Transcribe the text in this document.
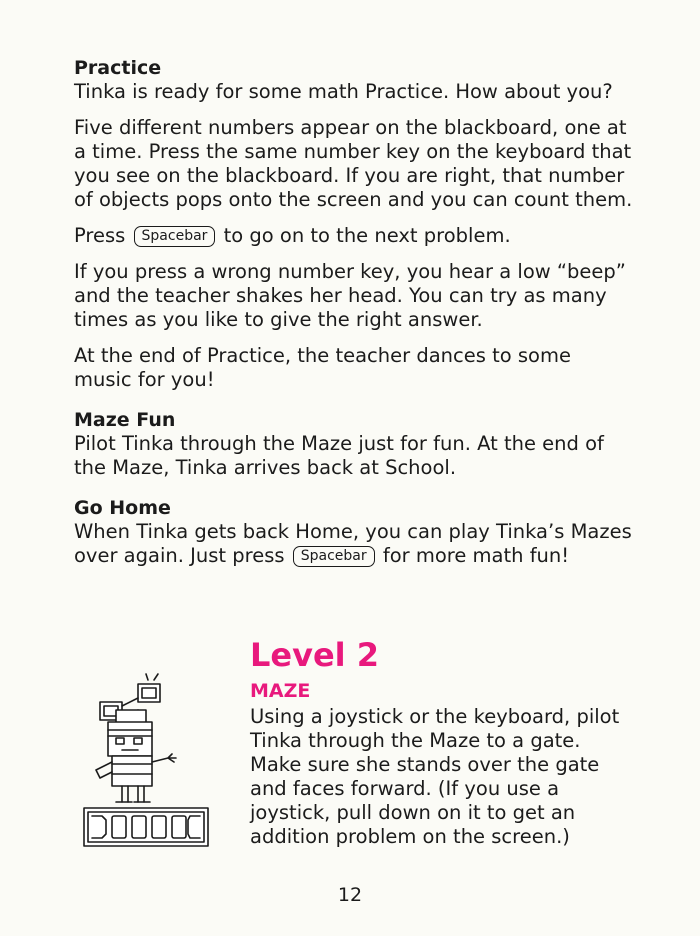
Practice

Tinka is ready for some math Practice. How about you?

Five different numbers appear on the blackboard, one at a time. Press the same number key on the keyboard that you see on the blackboard. If you are right, that number of objects pops onto the screen and you can count them.

Press Spacebar to go on to the next problem.

If you press a wrong number key, you hear a low “beep” and the teacher shakes her head. You can try as many times as you like to give the right answer.

At the end of Practice, the teacher dances to some music for you!

Maze Fun

Pilot Tinka through the Maze just for fun. At the end of the Maze, Tinka arrives back at School.

Go Home

When Tinka gets back Home, you can play Tinka’s Mazes over again. Just press Spacebar for more math fun!

Level 2
MAZE
Using a joystick or the keyboard, pilot Tinka through the Maze to a gate. Make sure she stands over the gate and faces forward. (If you use a joystick, pull down on it to get an addition problem on the screen.)
12
